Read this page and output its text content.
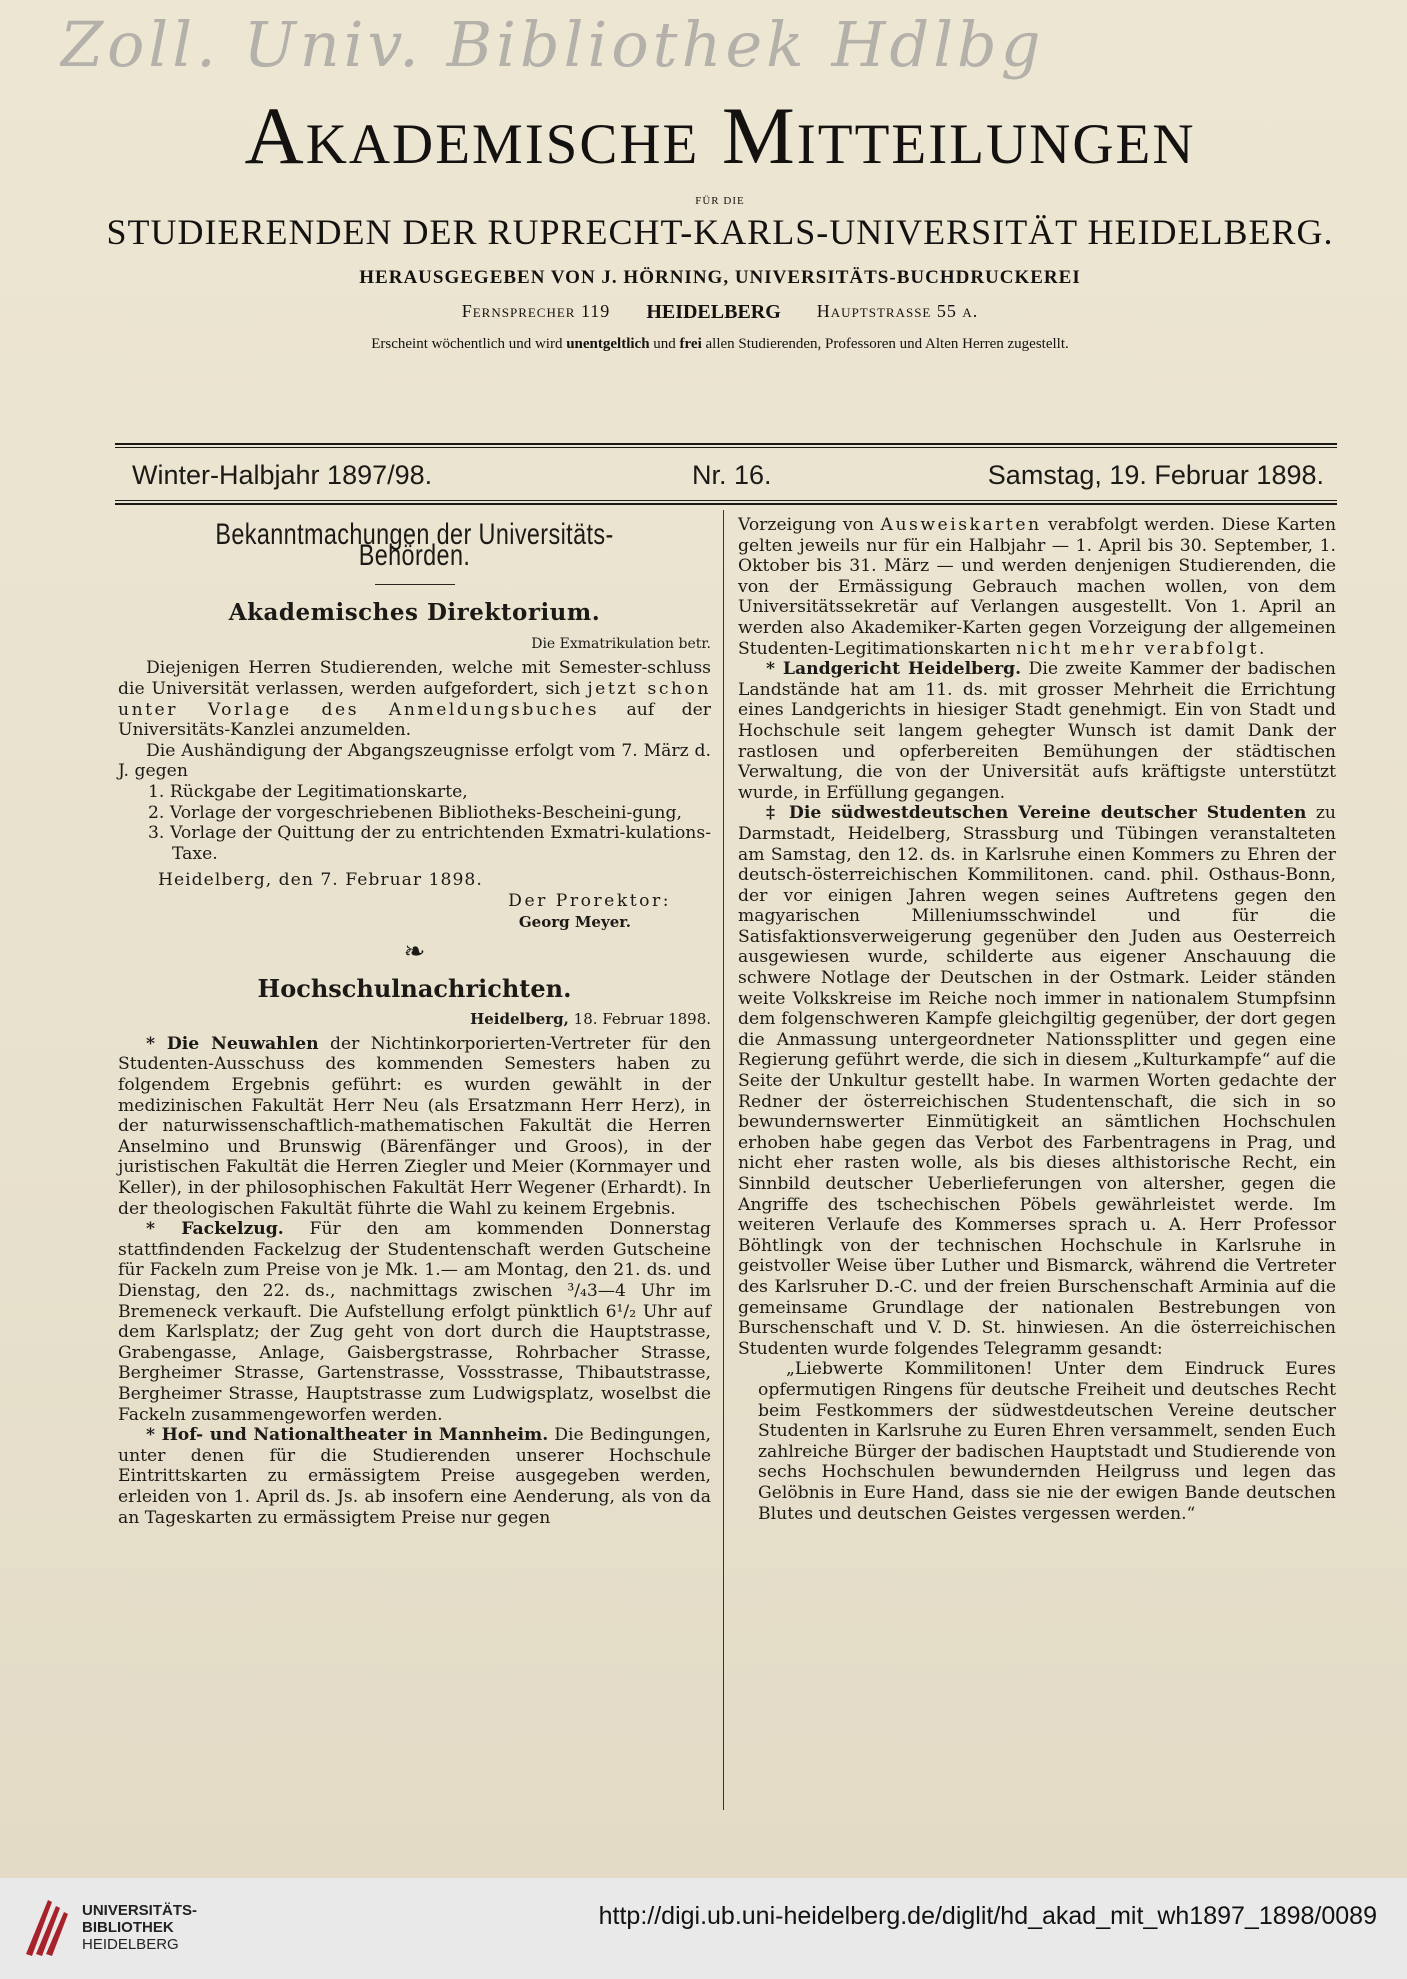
Zoll. Univ. Bibliothek Hdlbg
Akademische Mitteilungen
FÜR DIE
STUDIERENDEN DER RUPRECHT-KARLS-UNIVERSITÄT HEIDELBERG.
HERAUSGEGEBEN VON J. HÖRNING, UNIVERSITÄTS-BUCHDRUCKEREI
Fernsprecher 119 HEIDELBERG Hauptstrasse 55 a.
Erscheint wöchentlich und wird unentgeltlich und frei allen Studierenden, Professoren und Alten Herren zugestellt.
Winter-Halbjahr 1897/98.	Nr. 16.	Samstag, 19. Februar 1898.
Bekanntmachungen der Universitäts-Behörden.
Akademisches Direktorium.
Die Exmatrikulation betr.

Diejenigen Herren Studierenden, welche mit Semester-schluss die Universität verlassen, werden aufgefordert, sich jetzt schon unter Vorlage des Anmeldungsbuches auf der Universitäts-Kanzlei anzumelden.

Die Aushändigung der Abgangszeugnisse erfolgt vom 7. März d. J. gegen

1. Rückgabe der Legitimationskarte,
2. Vorlage der vorgeschriebenen Bibliotheks-Bescheini-gung,
3. Vorlage der Quittung der zu entrichtenden Exmatri-kulations-Taxe.
Heidelberg, den 7. Februar 1898.
Der Prorektor:
Georg Meyer.
❧
Hochschulnachrichten.
Heidelberg, 18. Februar 1898.

* Die Neuwahlen der Nichtinkorporierten-Vertreter für den Studenten-Ausschuss des kommenden Semesters haben zu folgendem Ergebnis geführt: es wurden gewählt in der medizinischen Fakultät Herr Neu (als Ersatzmann Herr Herz), in der naturwissenschaftlich-mathematischen Fakultät die Herren Anselmino und Brunswig (Bärenfänger und Groos), in der juristischen Fakultät die Herren Ziegler und Meier (Kornmayer und Keller), in der philosophischen Fakultät Herr Wegener (Erhardt). In der theologischen Fakultät führte die Wahl zu keinem Ergebnis.

* Fackelzug. Für den am kommenden Donnerstag stattfindenden Fackelzug der Studentenschaft werden Gutscheine für Fackeln zum Preise von je Mk. 1.— am Montag, den 21. ds. und Dienstag, den 22. ds., nachmittags zwischen ³/₄3—4 Uhr im Bremeneck verkauft. Die Aufstellung erfolgt pünktlich 6¹/₂ Uhr auf dem Karlsplatz; der Zug geht von dort durch die Hauptstrasse, Grabengasse, Anlage, Gaisbergstrasse, Rohrbacher Strasse, Bergheimer Strasse, Gartenstrasse, Vossstrasse, Thibautstrasse, Bergheimer Strasse, Hauptstrasse zum Ludwigsplatz, woselbst die Fackeln zusammengeworfen werden.

* Hof- und Nationaltheater in Mannheim. Die Bedingungen, unter denen für die Studierenden unserer Hochschule Eintrittskarten zu ermässigtem Preise ausgegeben werden, erleiden von 1. April ds. Js. ab insofern eine Aenderung, als von da an Tageskarten zu ermässigtem Preise nur gegen

Vorzeigung von Ausweiskarten verabfolgt werden. Diese Karten gelten jeweils nur für ein Halbjahr — 1. April bis 30. September, 1. Oktober bis 31. März — und werden denjenigen Studierenden, die von der Ermässigung Gebrauch machen wollen, von dem Universitätssekretär auf Verlangen ausgestellt. Von 1. April an werden also Akademiker-Karten gegen Vorzeigung der allgemeinen Studenten-Legitimationskarten nicht mehr verabfolgt.

* Landgericht Heidelberg. Die zweite Kammer der badischen Landstände hat am 11. ds. mit grosser Mehrheit die Errichtung eines Landgerichts in hiesiger Stadt genehmigt. Ein von Stadt und Hochschule seit langem gehegter Wunsch ist damit Dank der rastlosen und opferbereiten Bemühungen der städtischen Verwaltung, die von der Universität aufs kräftigste unterstützt wurde, in Erfüllung gegangen.

‡ Die südwestdeutschen Vereine deutscher Studenten zu Darmstadt, Heidelberg, Strassburg und Tübingen veranstalteten am Samstag, den 12. ds. in Karlsruhe einen Kommers zu Ehren der deutsch-österreichischen Kommilitonen. cand. phil. Osthaus-Bonn, der vor einigen Jahren wegen seines Auftretens gegen den magyarischen Milleniumsschwindel und für die Satisfaktionsverweigerung gegenüber den Juden aus Oesterreich ausgewiesen wurde, schilderte aus eigener Anschauung die schwere Notlage der Deutschen in der Ostmark. Leider ständen weite Volkskreise im Reiche noch immer in nationalem Stumpfsinn dem folgenschweren Kampfe gleichgiltig gegenüber, der dort gegen die Anmassung untergeordneter Nationssplitter und gegen eine Regierung geführt werde, die sich in diesem „Kulturkampfe“ auf die Seite der Unkultur gestellt habe. In warmen Worten gedachte der Redner der österreichischen Studentenschaft, die sich in so bewundernswerter Einmütigkeit an sämtlichen Hochschulen erhoben habe gegen das Verbot des Farbentragens in Prag, und nicht eher rasten wolle, als bis dieses althistorische Recht, ein Sinnbild deutscher Ueberlieferungen von altersher, gegen die Angriffe des tschechischen Pöbels gewährleistet werde. Im weiteren Verlaufe des Kommerses sprach u. A. Herr Professor Böhtlingk von der technischen Hochschule in Karlsruhe in geistvoller Weise über Luther und Bismarck, während die Vertreter des Karlsruher D.-C. und der freien Burschenschaft Arminia auf die gemeinsame Grundlage der nationalen Bestrebungen von Burschenschaft und V. D. St. hinwiesen. An die österreichischen Studenten wurde folgendes Telegramm gesandt:

„Liebwerte Kommilitonen! Unter dem Eindruck Eures opfermutigen Ringens für deutsche Freiheit und deutsches Recht beim Festkommers der südwestdeutschen Vereine deutscher Studenten in Karlsruhe zu Euren Ehren versammelt, senden Euch zahlreiche Bürger der badischen Hauptstadt und Studierende von sechs Hochschulen bewundernden Heilgruss und legen das Gelöbnis in Eure Hand, dass sie nie der ewigen Bande deutschen Blutes und deutschen Geistes vergessen werden.“

UNIVERSITÄTS-
BIBLIOTHEK
HEIDELBERG
http://digi.ub.uni-heidelberg.de/diglit/hd_akad_mit_wh1897_1898/0089
